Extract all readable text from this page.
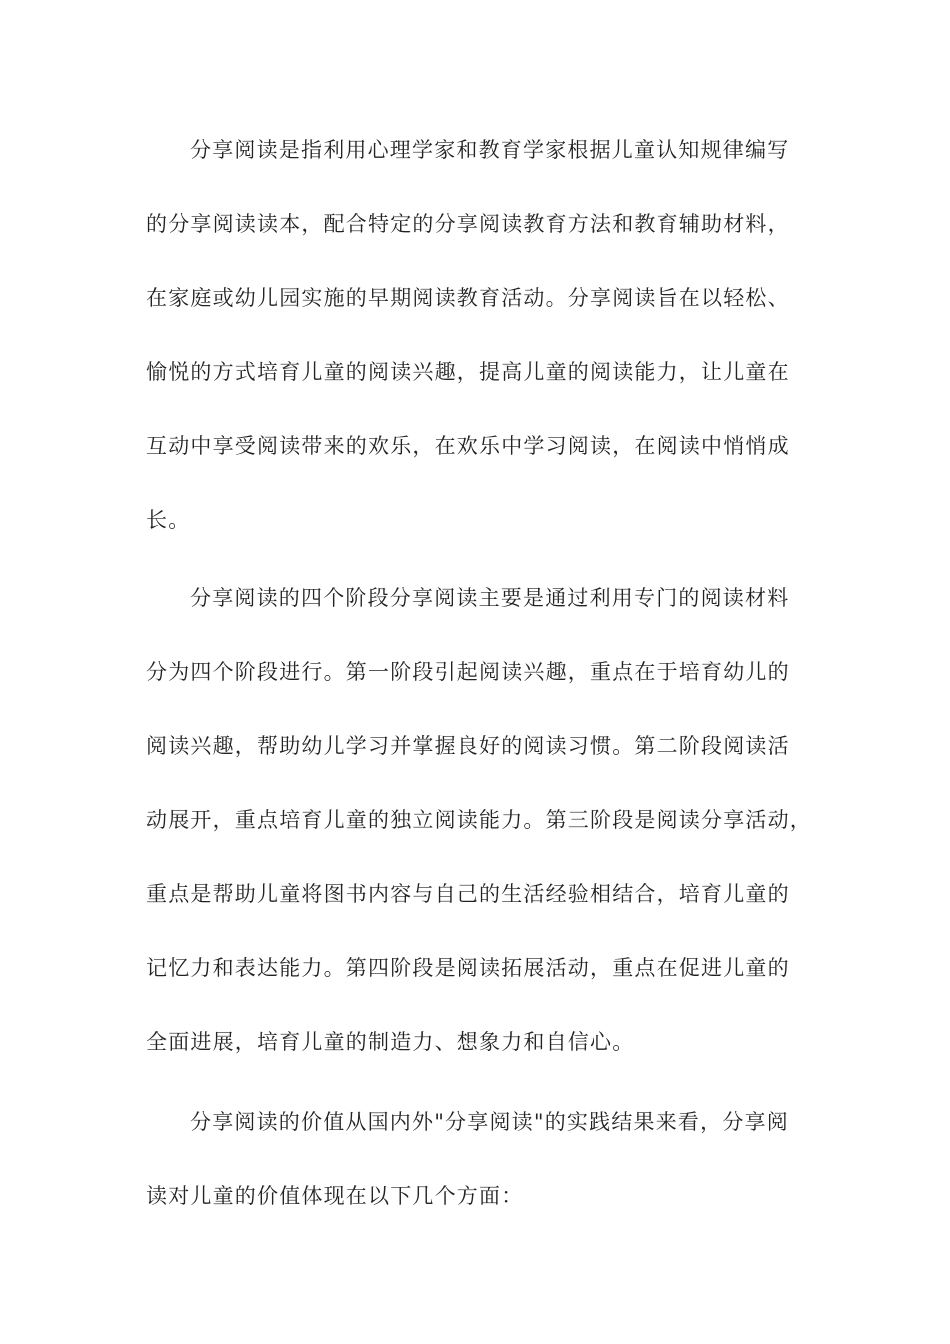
分享阅读是指利用心理学家和教育学家根据儿童认知规律编写
的分享阅读读本，配合特定的分享阅读教育方法和教育辅助材料，
在家庭或幼儿园实施的早期阅读教育活动。分享阅读旨在以轻松、
愉悦的方式培育儿童的阅读兴趣，提高儿童的阅读能力，让儿童在
互动中享受阅读带来的欢乐，在欢乐中学习阅读，在阅读中悄悄成
长。
分享阅读的四个阶段分享阅读主要是通过利用专门的阅读材料
分为四个阶段进行。第一阶段引起阅读兴趣，重点在于培育幼儿的
阅读兴趣，帮助幼儿学习并掌握良好的阅读习惯。第二阶段阅读活
动展开，重点培育儿童的独立阅读能力。第三阶段是阅读分享活动，
重点是帮助儿童将图书内容与自己的生活经验相结合，培育儿童的
记忆力和表达能力。第四阶段是阅读拓展活动，重点在促进儿童的
全面进展，培育儿童的制造力、想象力和自信心。
分享阅读的价值从国内外"分享阅读"的实践结果来看，分享阅
读对儿童的价值体现在以下几个方面：
